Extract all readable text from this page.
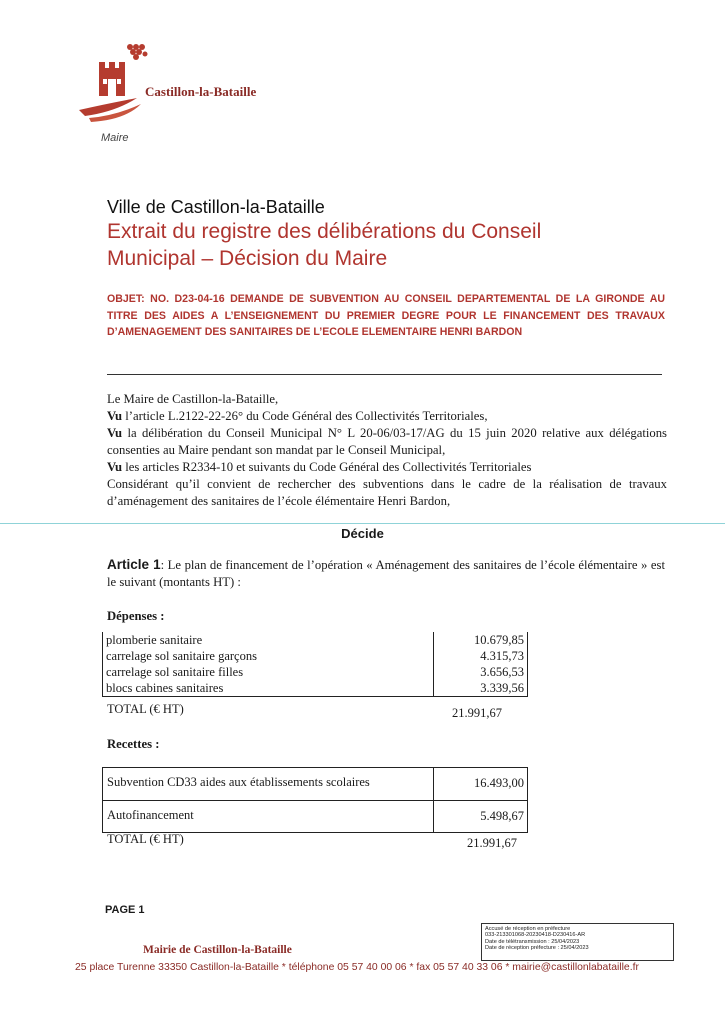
Castillon-la-Bataille
Maire
Ville de Castillon-la-Bataille
Extrait du registre des délibérations du Conseil
Municipal – Décision du Maire
OBJET: NO. D23-04-16 DEMANDE DE SUBVENTION AU CONSEIL DEPARTEMENTAL DE LA GIRONDE AU TITRE DES AIDES A L’ENSEIGNEMENT DU PREMIER DEGRE POUR LE FINANCEMENT DES TRAVAUX D’AMENAGEMENT DES SANITAIRES DE L’ECOLE ELEMENTAIRE HENRI BARDON

Le Maire de Castillon-la-Bataille,

Vu l’article L.2122-22-26° du Code Général des Collectivités Territoriales,

Vu la délibération du Conseil Municipal N° L 20-06/03-17/AG du 15 juin 2020 relative aux délégations consenties au Maire pendant son mandat par le Conseil Municipal,

Vu les articles R2334-10 et suivants du Code Général des Collectivités Territoriales

Considérant qu’il convient de rechercher des subventions dans le cadre de la réalisation de travaux d’aménagement des sanitaires de l’école élémentaire Henri Bardon,

Décide
Article 1: Le plan de financement de l’opération « Aménagement des sanitaires de l’école élémentaire » est le suivant (montants HT) :
Dépenses :
plomberie sanitaire	10.679,85
carrelage sol sanitaire garçons	4.315,73
carrelage sol sanitaire filles	3.656,53
blocs cabines sanitaires	3.339,56
TOTAL (€ HT)	21.991,67
Recettes :
Subvention CD33 aides aux établissements scolaires	16.493,00
Autofinancement	5.498,67
TOTAL (€ HT)	21.991,67
PAGE 1
Accusé de réception en préfecture
033-213301068-20230418-D230416-AR
Date de télétransmission : 25/04/2023
Date de réception préfecture : 25/04/2023
Mairie de Castillon-la-Bataille
25 place Turenne 33350 Castillon-la-Bataille * téléphone 05 57 40 00 06 * fax 05 57 40 33 06 * mairie@castillonlabataille.fr
